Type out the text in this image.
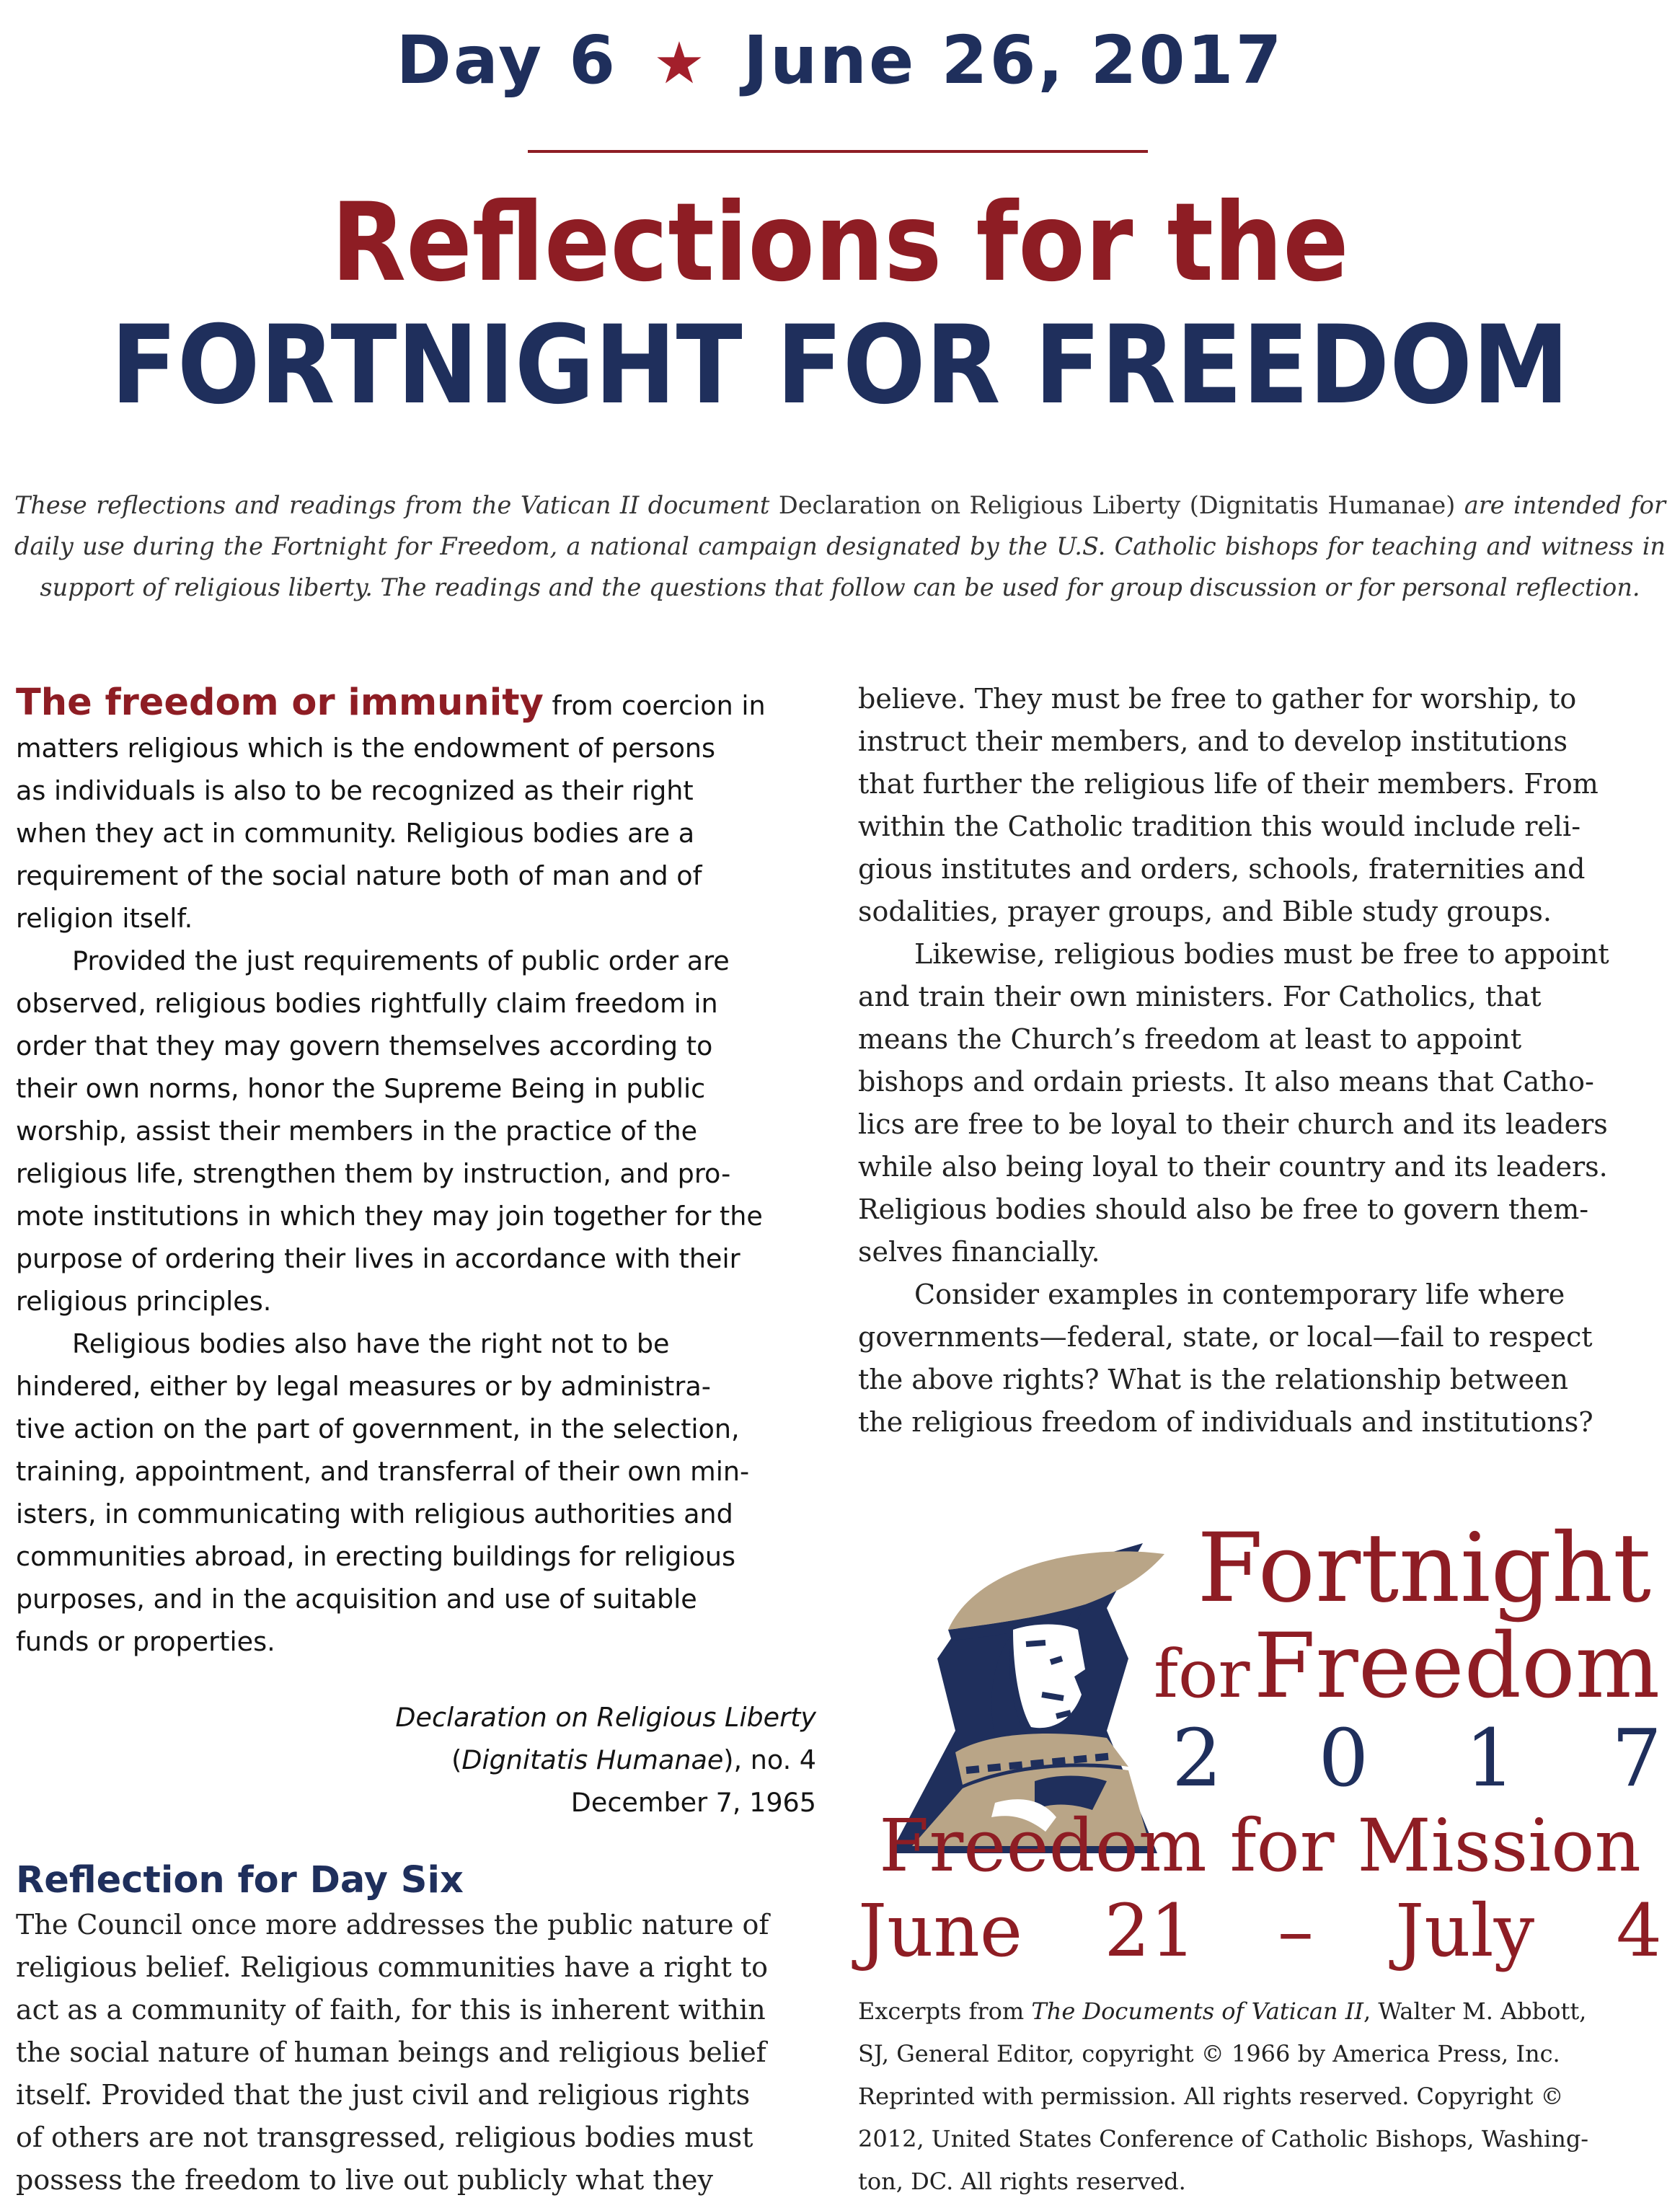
Day 6 ★ June 26, 2017
Reflections for the
FORTNIGHT FOR FREEDOM
These reflections and readings from the Vatican II document Declaration on Religious Liberty (Dignitatis Humanae) are intended for daily use during the Fortnight for Freedom, a national campaign designated by the U.S. Catholic bishops for teaching and witness in support of religious liberty. The readings and the questions that follow can be used for group discussion or for personal reflection.
The freedom or immunity from coercion in
matters religious which is the endowment of persons
as individuals is also to be recognized as their right
when they act in community. Religious bodies are a
requirement of the social nature both of man and of
religion itself.
Provided the just requirements of public order are
observed, religious bodies rightfully claim freedom in
order that they may govern themselves according to
their own norms, honor the Supreme Being in public
worship, assist their members in the practice of the
religious life, strengthen them by instruction, and pro-
mote institutions in which they may join together for the
purpose of ordering their lives in accordance with their
religious principles.
Religious bodies also have the right not to be
hindered, either by legal measures or by administra-
tive action on the part of government, in the selection,
training, appointment, and transferral of their own min-
isters, in communicating with religious authorities and
communities abroad, in erecting buildings for religious
purposes, and in the acquisition and use of suitable
funds or properties.
Declaration on Religious Liberty
(Dignitatis Humanae), no. 4
December 7, 1965
Reflection for Day Six
The Council once more addresses the public nature of
religious belief. Religious communities have a right to
act as a community of faith, for this is inherent within
the social nature of human beings and religious belief
itself. Provided that the just civil and religious rights
of others are not transgressed, religious bodies must
possess the freedom to live out publicly what they
believe. They must be free to gather for worship, to
instruct their members, and to develop institutions
that further the religious life of their members. From
within the Catholic tradition this would include reli-
gious institutes and orders, schools, fraternities and
sodalities, prayer groups, and Bible study groups.
Likewise, religious bodies must be free to appoint
and train their own ministers. For Catholics, that
means the Church’s freedom at least to appoint
bishops and ordain priests. It also means that Catho-
lics are free to be loyal to their church and its leaders
while also being loyal to their country and its leaders.
Religious bodies should also be free to govern them-
selves financially.
Consider examples in contemporary life where
governments—federal, state, or local—fail to respect
the above rights? What is the relationship between
the religious freedom of individuals and institutions?
Fortnight
for Freedom
2 0 1 7
Freedom for Mission
June 21 – July 4
Excerpts from The Documents of Vatican II, Walter M. Abbott,
SJ, General Editor, copyright © 1966 by America Press, Inc.
Reprinted with permission. All rights reserved. Copyright ©
2012, United States Conference of Catholic Bishops, Washing-
ton, DC. All rights reserved.
